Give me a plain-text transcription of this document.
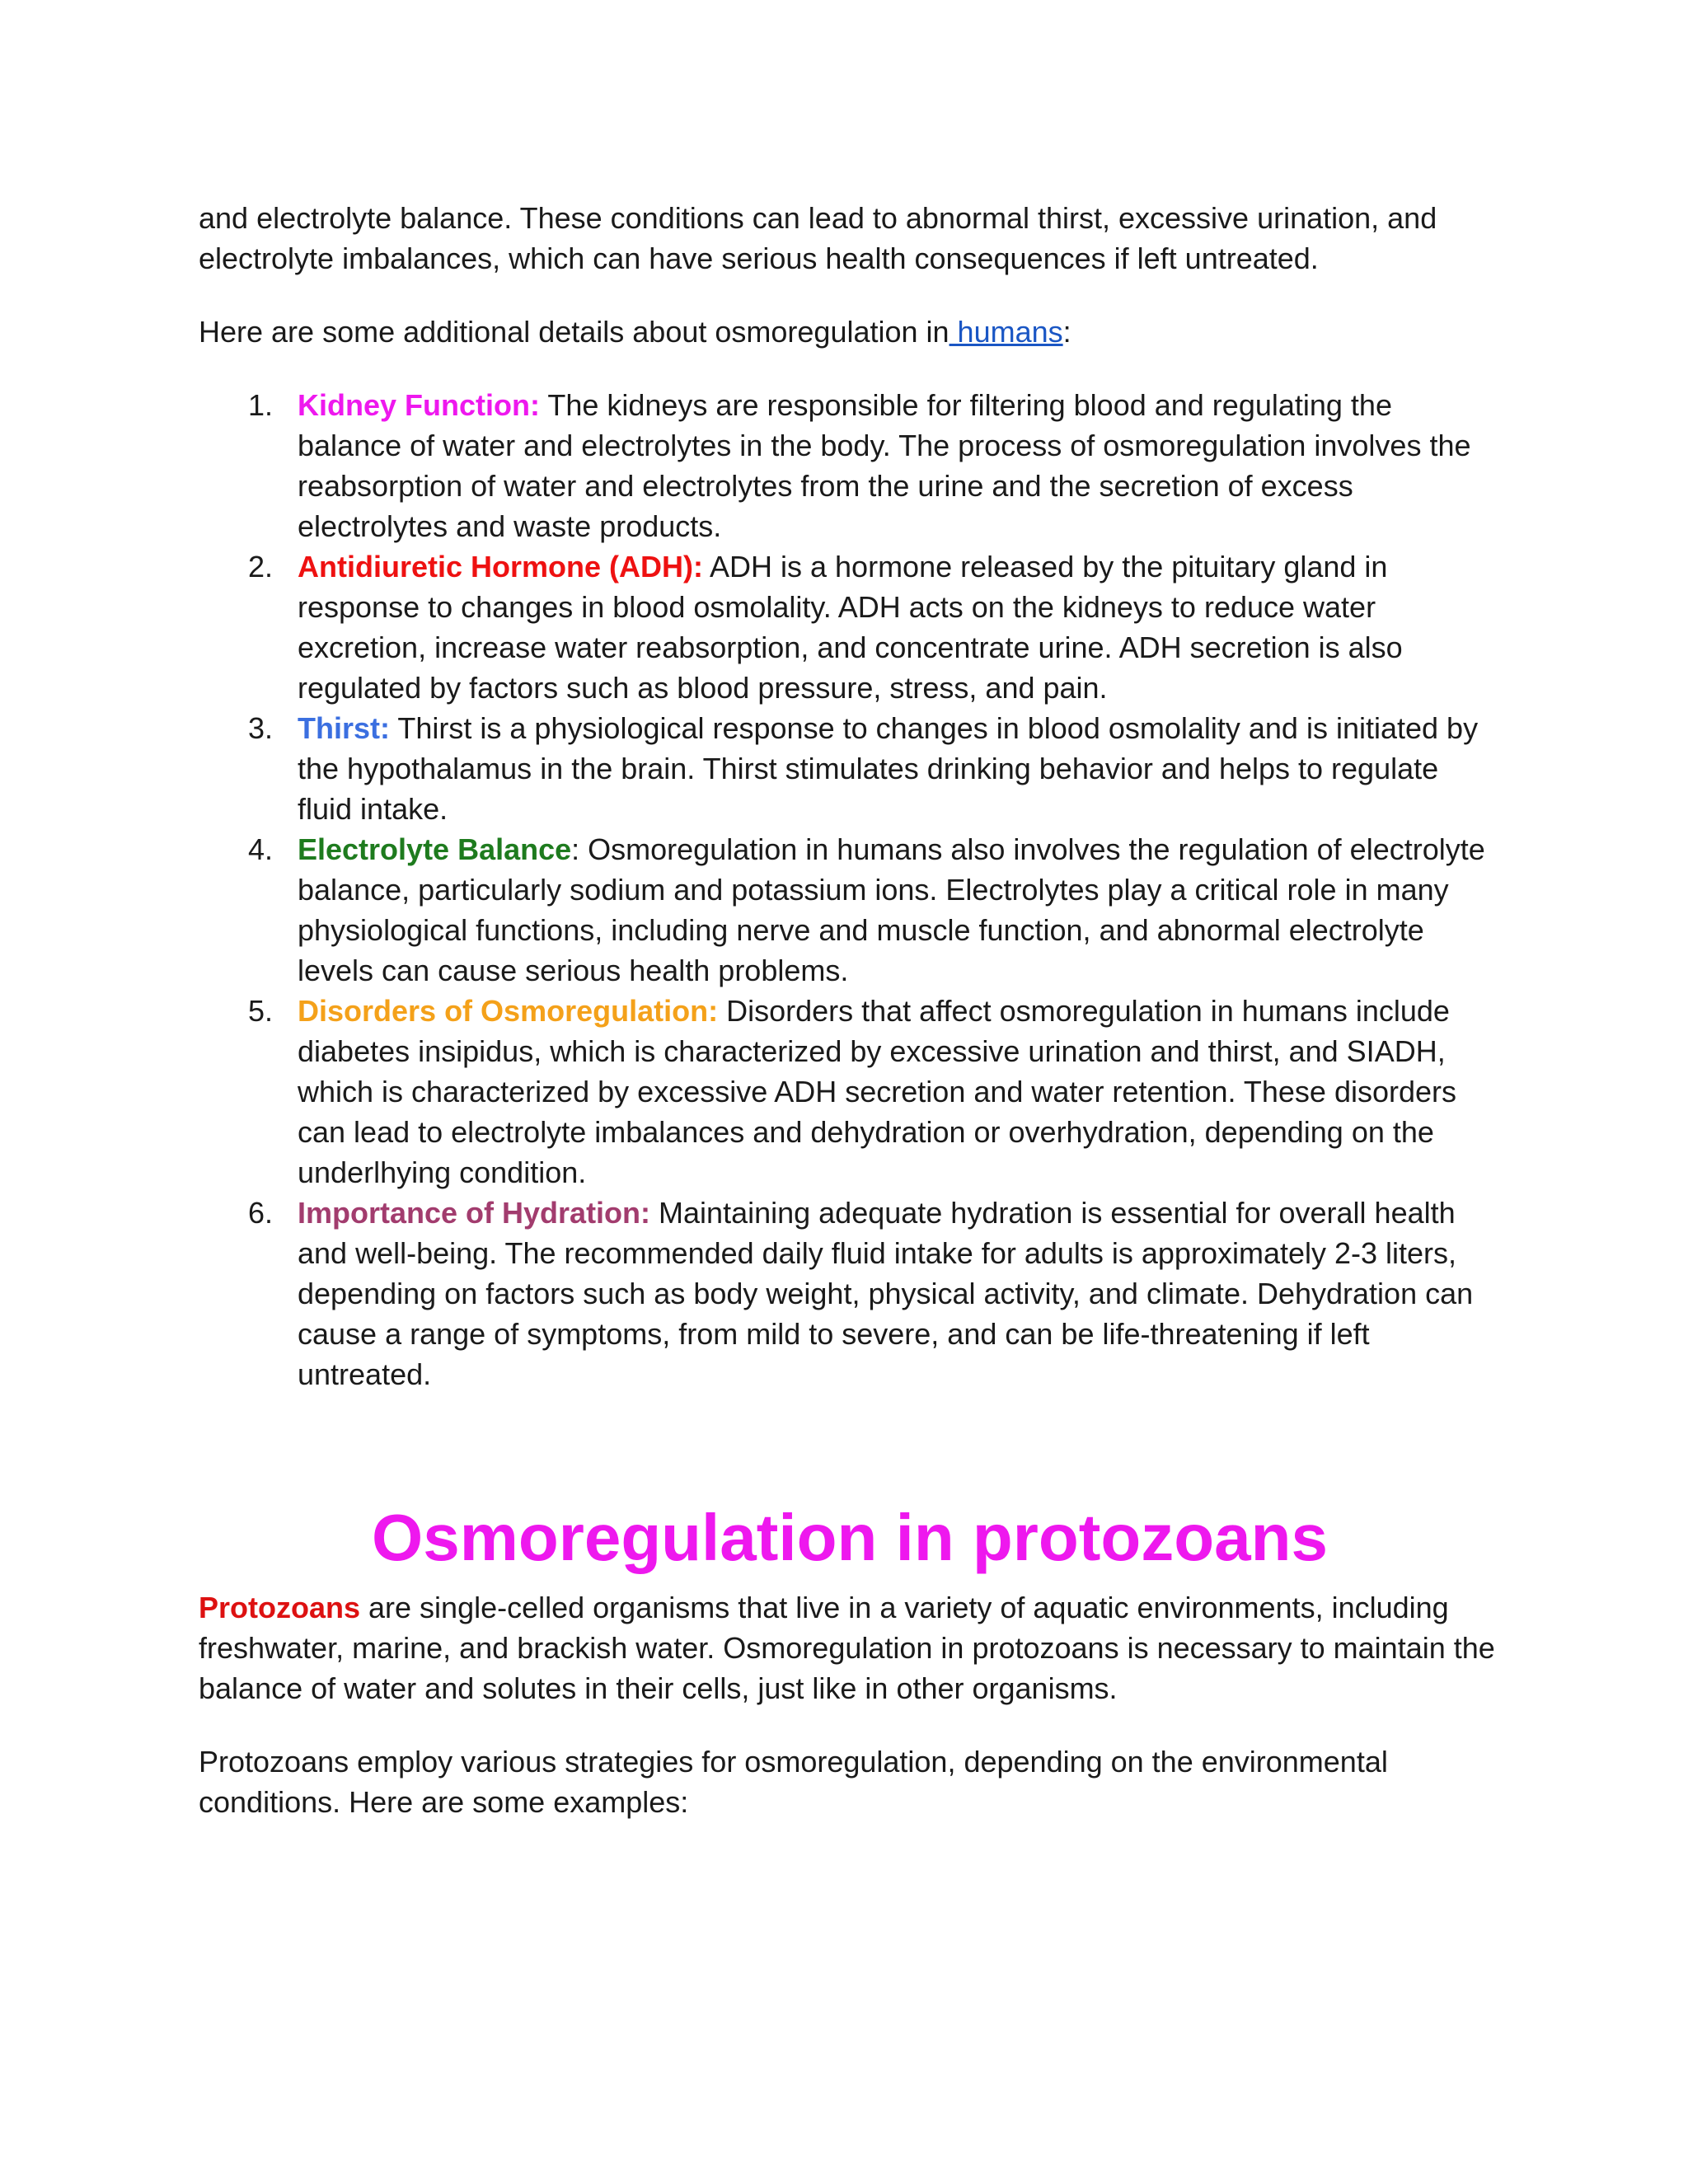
and electrolyte balance. These conditions can lead to abnormal thirst, excessive urination, and electrolyte imbalances, which can have serious health consequences if left untreated.

Here are some additional details about osmoregulation in humans:

1. Kidney Function: The kidneys are responsible for filtering blood and regulating the balance of water and electrolytes in the body. The process of osmoregulation involves the reabsorption of water and electrolytes from the urine and the secretion of excess electrolytes and waste products.
2. Antidiuretic Hormone (ADH): ADH is a hormone released by the pituitary gland in response to changes in blood osmolality. ADH acts on the kidneys to reduce water excretion, increase water reabsorption, and concentrate urine. ADH secretion is also regulated by factors such as blood pressure, stress, and pain.
3. Thirst: Thirst is a physiological response to changes in blood osmolality and is initiated by the hypothalamus in the brain. Thirst stimulates drinking behavior and helps to regulate fluid intake.
4. Electrolyte Balance: Osmoregulation in humans also involves the regulation of electrolyte balance, particularly sodium and potassium ions. Electrolytes play a critical role in many physiological functions, including nerve and muscle function, and abnormal electrolyte levels can cause serious health problems.
5. Disorders of Osmoregulation: Disorders that affect osmoregulation in humans include diabetes insipidus, which is characterized by excessive urination and thirst, and SIADH, which is characterized by excessive ADH secretion and water retention. These disorders can lead to electrolyte imbalances and dehydration or overhydration, depending on the underlhying condition.
6. Importance of Hydration: Maintaining adequate hydration is essential for overall health and well-being. The recommended daily fluid intake for adults is approximately 2-3 liters, depending on factors such as body weight, physical activity, and climate. Dehydration can cause a range of symptoms, from mild to severe, and can be life-threatening if left untreated.
Osmoregulation in protozoans

Protozoans are single-celled organisms that live in a variety of aquatic environments, including freshwater, marine, and brackish water. Osmoregulation in protozoans is necessary to maintain the balance of water and solutes in their cells, just like in other organisms.

Protozoans employ various strategies for osmoregulation, depending on the environmental conditions. Here are some examples:
